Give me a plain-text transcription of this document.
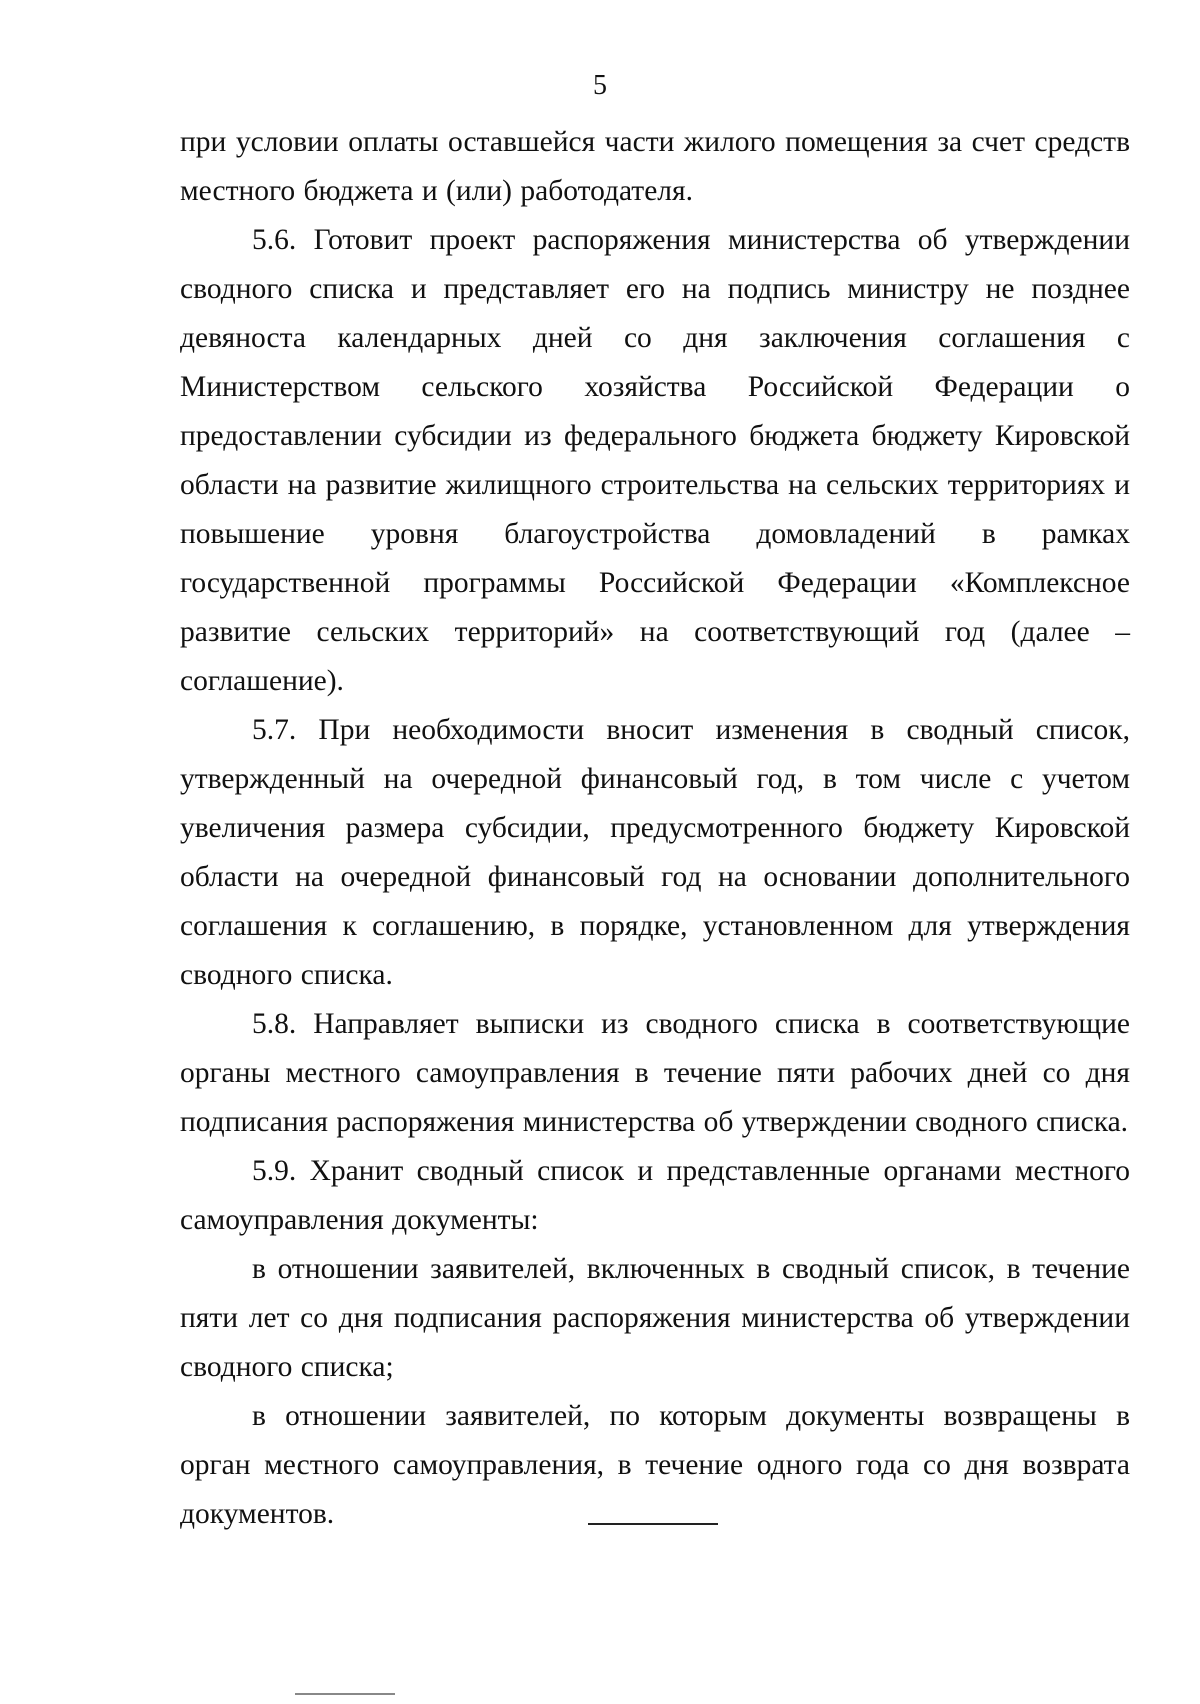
5

при условии оплаты оставшейся части жилого помещения за счет средств местного бюджета и (или) работодателя.

5.6. Готовит проект распоряжения министерства об утверждении сводного списка и представляет его на подпись министру не позднее девяноста календарных дней со дня заключения соглашения с Министерством сельского хозяйства Российской Федерации о предоставлении субсидии из федерального бюджета бюджету Кировской области на развитие жилищного строительства на сельских территориях и повышение уровня благоустройства домовладений в рамках государственной программы Российской Федерации «Комплексное развитие сельских территорий» на соответствующий год (далее – соглашение).

5.7. При необходимости вносит изменения в сводный список, утвержденный на очередной финансовый год, в том числе с учетом увеличения размера субсидии, предусмотренного бюджету Кировской области на очередной финансовый год на основании дополнительного соглашения к соглашению, в порядке, установленном для утверждения сводного списка.

5.8. Направляет выписки из сводного списка в соответствующие органы местного самоуправления в течение пяти рабочих дней со дня подписания распоряжения министерства об утверждении сводного списка.

5.9. Хранит сводный список и представленные органами местного самоуправления документы:

в отношении заявителей, включенных в сводный список, в течение пяти лет со дня подписания распоряжения министерства об утверждении сводного списка;

в отношении заявителей, по которым документы возвращены в орган местного самоуправления, в течение одного года со дня возврата документов.
